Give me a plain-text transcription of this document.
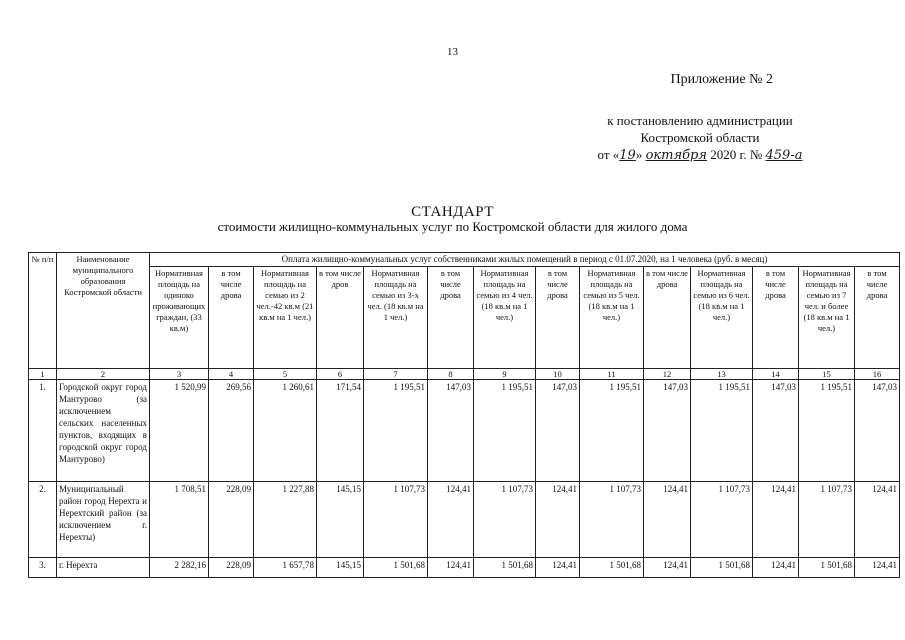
13
Приложение № 2
к постановлению администрации
Костромской области
от «19» октября 2020 г. № 459-а
СТАНДАРТ
стоимости жилищно-коммунальных услуг по Костромской области для жилого дома
№ п/п	Наименование муниципального образования Костромской области	Оплата жилищно-коммунальных услуг собственниками жилых помещений в период с 01.07.2020, на 1 человека (руб. в месяц)													
		Нормативная площадь на одиноко проживающих граждан, (33 кв.м)	в том числе дрова	Нормативная площадь на семью из 2 чел.-42 кв.м (21 кв.м на 1 чел.)	в том числе дров	Нормативная площадь на семью из 3-х чел. (18 кв.м на 1 чел.)	в том числе дрова	Нормативная площадь на семью из 4 чел. (18 кв.м на 1 чел.)	в том числе дрова	Нормативная площадь на семью из 5 чел. (18 кв.м на 1 чел.)	в том числе дрова	Нормативная площадь на семью из 6 чел. (18 кв.м на 1 чел.)	в том числе дрова	Нормативная площадь на семью из 7 чел. и более (18 кв.м на 1 чел.)	в том числе дрова
1	2	3	4	5	6	7	8	9	10	11	12	13	14	15	16
1.	Городской округ город Мантурово (за исключением сельских населенных пунктов, входящих в городской округ город Мантурово)	1 520,99	269,56	1 260,61	171,54	1 195,51	147,03	1 195,51	147,03	1 195,51	147,03	1 195,51	147,03	1 195,51	147,03
2.	Муниципальный район город Нерехта и Нерехтский район (за исключением г. Нерехты)	1 708,51	228,09	1 227,88	145,15	1 107,73	124,41	1 107,73	124,41	1 107,73	124,41	1 107,73	124,41	1 107,73	124,41
3.	г. Нерехта	2 282,16	228,09	1 657,78	145,15	1 501,68	124,41	1 501,68	124,41	1 501,68	124,41	1 501,68	124,41	1 501,68	124,41
